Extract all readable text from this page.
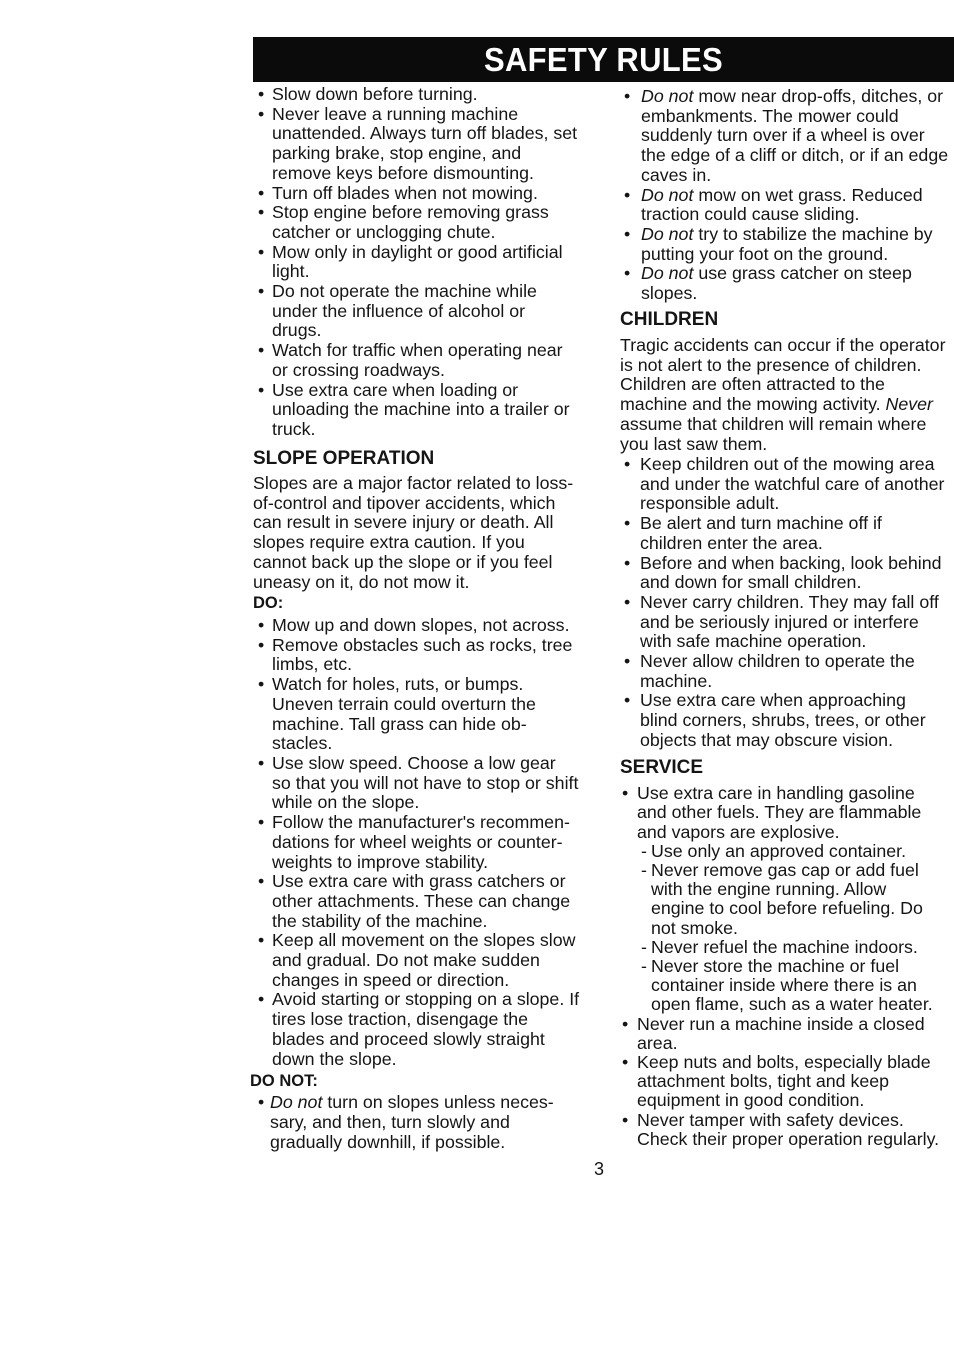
SAFETY RULES
• Slow down before turning.
• Never leave a running machine
unattended. Always turn off blades, set
parking brake, stop engine, and
remove keys before dismounting.
• Turn off blades when not mowing.
• Stop engine before removing grass
catcher or unclogging chute.
• Mow only in daylight or good artificial
light.
• Do not operate the machine while
under the influence of alcohol or
drugs.
• Watch for traffic when operating near
or crossing roadways.
• Use extra care when loading or
unloading the machine into a trailer or
truck.
SLOPE OPERATION

Slopes are a major factor related to loss-
of-control and tipover accidents, which
can result in severe injury or death. All
slopes require extra caution. If you
cannot back up the slope or if you feel
uneasy on it, do not mow it.

DO:
• Mow up and down slopes, not across.
• Remove obstacles such as rocks, tree
limbs, etc.
• Watch for holes, ruts, or bumps.
Uneven terrain could overturn the
machine. Tall grass can hide ob-
stacles.
• Use slow speed. Choose a low gear
so that you will not have to stop or shift
while on the slope.
• Follow the manufacturer's recommen-
dations for wheel weights or counter-
weights to improve stability.
• Use extra care with grass catchers or
other attachments. These can change
the stability of the machine.
• Keep all movement on the slopes slow
and gradual. Do not make sudden
changes in speed or direction.
• Avoid starting or stopping on a slope. If
tires lose traction, disengage the
blades and proceed slowly straight
down the slope.
DO NOT:
• Do not turn on slopes unless neces-
sary, and then, turn slowly and
gradually downhill, if possible.
• Do not mow near drop-offs, ditches, or
embankments. The mower could
suddenly turn over if a wheel is over
the edge of a cliff or ditch, or if an edge
caves in.
• Do not mow on wet grass. Reduced
traction could cause sliding.
• Do not try to stabilize the machine by
putting your foot on the ground.
• Do not use grass catcher on steep
slopes.
CHILDREN

Tragic accidents can occur if the operator
is not alert to the presence of children.
Children are often attracted to the
machine and the mowing activity. Never
assume that children will remain where
you last saw them.

• Keep children out of the mowing area
and under the watchful care of another
responsible adult.
• Be alert and turn machine off if
children enter the area.
• Before and when backing, look behind
and down for small children.
• Never carry children. They may fall off
and be seriously injured or interfere
with safe machine operation.
• Never allow children to operate the
machine.
• Use extra care when approaching
blind corners, shrubs, trees, or other
objects that may obscure vision.
SERVICE
• Use extra care in handling gasoline
and other fuels. They are flammable
and vapors are explosive.
- Use only an approved container.
- Never remove gas cap or add fuel
with the engine running. Allow
engine to cool before refueling. Do
not smoke.
- Never refuel the machine indoors.
- Never store the machine or fuel
container inside where there is an
open flame, such as a water heater.
• Never run a machine inside a closed
area.
• Keep nuts and bolts, especially blade
attachment bolts, tight and keep
equipment in good condition.
• Never tamper with safety devices.
Check their proper operation regularly.
3
